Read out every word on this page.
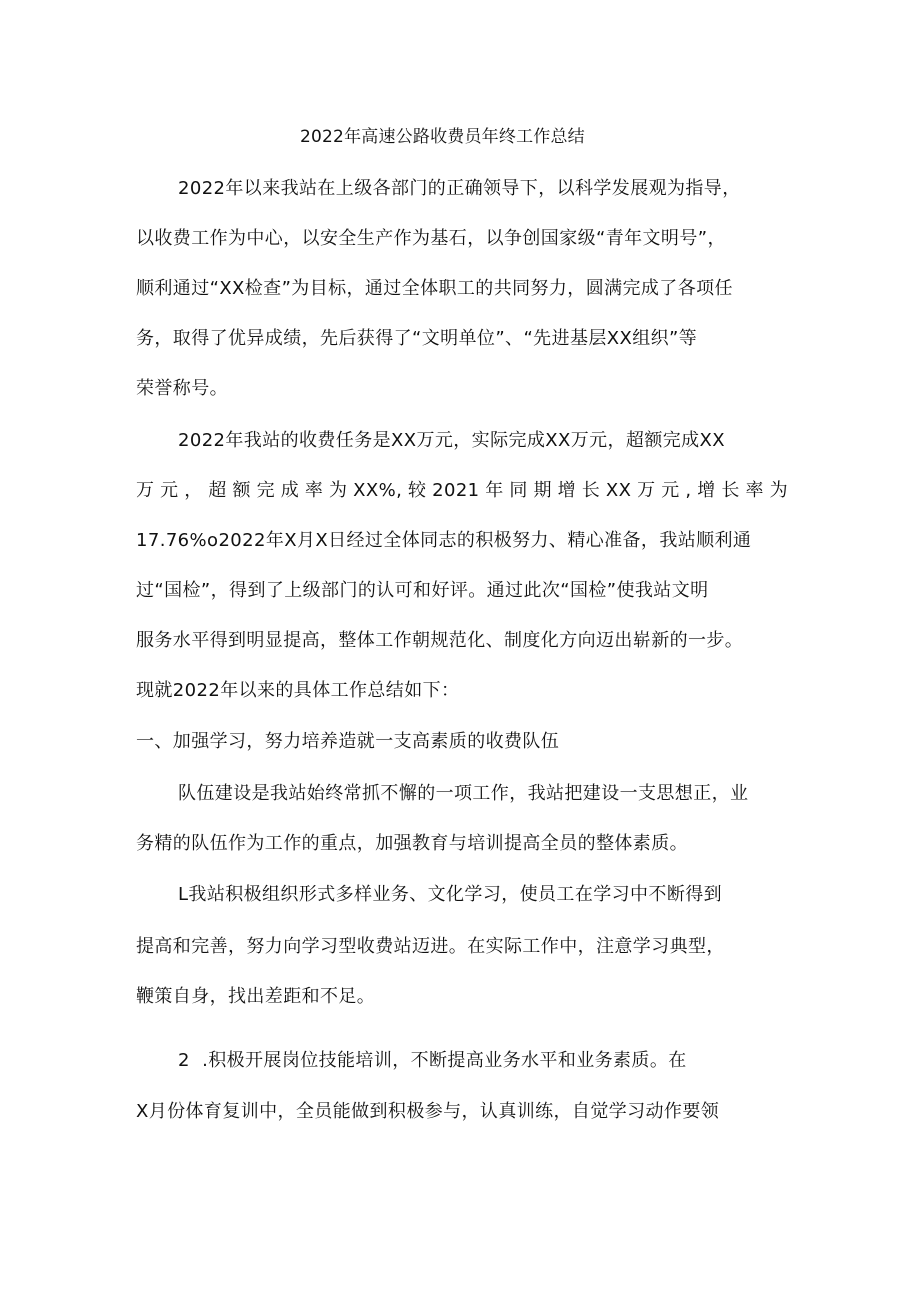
2022年高速公路收费员年终工作总结
2022年以来我站在上级各部门的正确领导下，以科学发展观为指导，
以收费工作为中心，以安全生产作为基石，以争创国家级“青年文明号”，
顺利通过“XX检查”为目标，通过全体职工的共同努力，圆满完成了各项任
务，取得了优异成绩，先后获得了“文明单位”、“先进基层XX组织”等
荣誉称号。
2022年我站的收费任务是XX万元，实际完成XX万元，超额完成XX
万元，超额完成率为XX%,较2021年同期增长XX万元,增长率为
17.76%o2022年X月X日经过全体同志的积极努力、精心准备，我站顺利通
过“国检”，得到了上级部门的认可和好评。通过此次“国检”使我站文明
服务水平得到明显提高，整体工作朝规范化、制度化方向迈出崭新的一步。
现就2022年以来的具体工作总结如下：
一、加强学习，努力培养造就一支高素质的收费队伍
队伍建设是我站始终常抓不懈的一项工作，我站把建设一支思想正，业
务精的队伍作为工作的重点，加强教育与培训提高全员的整体素质。
L我站积极组织形式多样业务、文化学习，使员工在学习中不断得到
提高和完善，努力向学习型收费站迈进。在实际工作中，注意学习典型，
鞭策自身，找出差距和不足。
2  .积极开展岗位技能培训，不断提高业务水平和业务素质。在
X月份体育复训中，全员能做到积极参与，认真训练，自觉学习动作要领
